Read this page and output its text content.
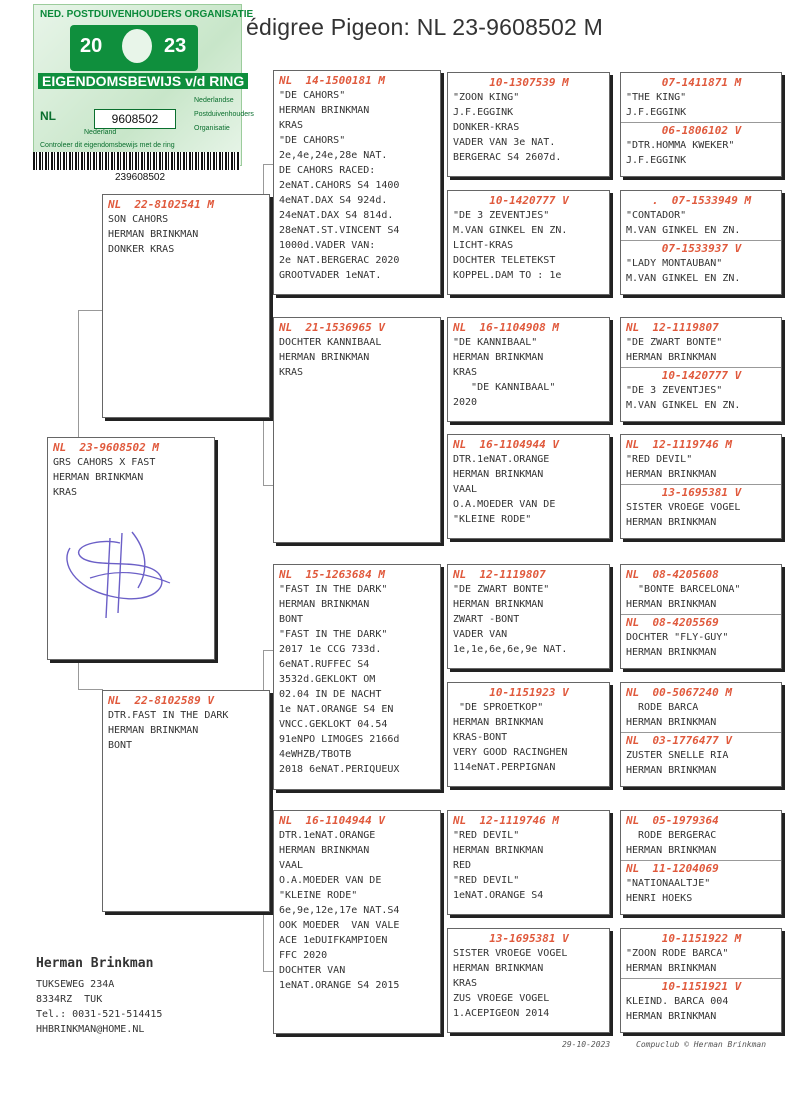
édigree Pigeon: NL 23-9608502 M
NED. POSTDUIVENHOUDERS ORGANISATIE
20	23
EIGENDOMSBEWIJS v/d RING
NL	9608502
Nederlandse
Postduivenhouders
Organisatie
Nederland
Controleer dit eigendomsbewijs met de ring
239608502
NL  23-9608502 M
GRS CAHORS X FAST
HERMAN BRINKMAN
KRAS
NL  22-8102541 M
SON CAHORS
HERMAN BRINKMAN
DONKER KRAS
NL  22-8102589 V
DTR.FAST IN THE DARK
HERMAN BRINKMAN
BONT
NL  14-1500181 M
"DE CAHORS"
HERMAN BRINKMAN
KRAS
"DE CAHORS"
2e,4e,24e,28e NAT.
DE CAHORS RACED:
2eNAT.CAHORS S4 1400
4eNAT.DAX S4 924d.
24eNAT.DAX S4 814d.
28eNAT.ST.VINCENT S4
1000d.VADER VAN:
2e NAT.BERGERAC 2020
GROOTVADER 1eNAT.
NL  21-1536965 V
DOCHTER KANNIBAAL
HERMAN BRINKMAN
KRAS
NL  15-1263684 M
"FAST IN THE DARK"
HERMAN BRINKMAN
BONT
"FAST IN THE DARK"
2017 1e CCG 733d.
6eNAT.RUFFEC S4
3532d.GEKLOKT OM
02.04 IN DE NACHT
1e NAT.ORANGE S4 EN
VNCC.GEKLOKT 04.54
91eNPO LIMOGES 2166d
4eWHZB/TBOTB
2018 6eNAT.PERIQUEUX
NL  16-1104944 V
DTR.1eNAT.ORANGE
HERMAN BRINKMAN
VAAL
O.A.MOEDER VAN DE
"KLEINE RODE"
6e,9e,12e,17e NAT.S4
OOK MOEDER  VAN VALE
ACE 1eDUIFKAMPIOEN
FFC 2020
DOCHTER VAN
1eNAT.ORANGE S4 2015
10-1307539 M
"ZOON KING"
J.F.EGGINK
DONKER-KRAS
VADER VAN 3e NAT.
BERGERAC S4 2607d.
10-1420777 V
"DE 3 ZEVENTJES"
M.VAN GINKEL EN ZN.
LICHT-KRAS
DOCHTER TELETEKST
KOPPEL.DAM TO : 1e
NL  16-1104908 M
"DE KANNIBAAL"
HERMAN BRINKMAN
KRAS
"DE KANNIBAAL"
2020
NL  16-1104944 V
DTR.1eNAT.ORANGE
HERMAN BRINKMAN
VAAL
O.A.MOEDER VAN DE
"KLEINE RODE"
NL  12-1119807
"DE ZWART BONTE"
HERMAN BRINKMAN
ZWART -BONT
VADER VAN
1e,1e,6e,6e,9e NAT.
10-1151923 V
"DE SPROETKOP"
HERMAN BRINKMAN
KRAS-BONT
VERY GOOD RACINGHEN
114eNAT.PERPIGNAN
NL  12-1119746 M
"RED DEVIL"
HERMAN BRINKMAN
RED
"RED DEVIL"
1eNAT.ORANGE S4
13-1695381 V
SISTER VROEGE VOGEL
HERMAN BRINKMAN
KRAS
ZUS VROEGE VOGEL
1.ACEPIGEON 2014
07-1411871 M
"THE KING"
J.F.EGGINK
06-1806102 V
"DTR.HOMMA KWEKER"
J.F.EGGINK
.  07-1533949 M
"CONTADOR"
M.VAN GINKEL EN ZN.
07-1533937 V
"LADY MONTAUBAN"
M.VAN GINKEL EN ZN.
NL  12-1119807
"DE ZWART BONTE"
HERMAN BRINKMAN
10-1420777 V
"DE 3 ZEVENTJES"
M.VAN GINKEL EN ZN.
NL  12-1119746 M
"RED DEVIL"
HERMAN BRINKMAN
13-1695381 V
SISTER VROEGE VOGEL
HERMAN BRINKMAN
NL  08-4205608
"BONTE BARCELONA"
HERMAN BRINKMAN
NL  08-4205569
DOCHTER "FLY-GUY"
HERMAN BRINKMAN
NL  00-5067240 M
RODE BARCA
HERMAN BRINKMAN
NL  03-1776477 V
ZUSTER SNELLE RIA
HERMAN BRINKMAN
NL  05-1979364
RODE BERGERAC
HERMAN BRINKMAN
NL  11-1204069
"NATIONAALTJE"
HENRI HOEKS
10-1151922 M
"ZOON RODE BARCA"
HERMAN BRINKMAN
10-1151921 V
KLEIND. BARCA 004
HERMAN BRINKMAN
Herman Brinkman
TUKSEWEG 234A
8334RZ  TUK
Tel.: 0031-521-514415
HHBRINKMAN@HOME.NL
29-10-2023	Compuclub © Herman Brinkman
